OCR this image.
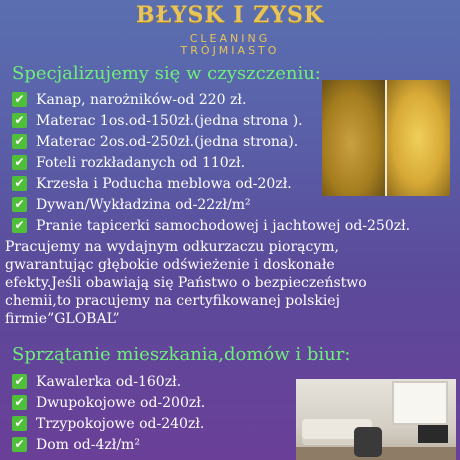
BŁYSK I ZYSK
CLEANING
TRÓJMIASTO
Specjalizujemy się w czyszczeniu:
✔ Kanap, narożników-od 220 zł.
✔ Materac 1os.od-150zł.(jedna strona ).
✔ Materac 2os.od-250zł.(jedna strona).
✔ Foteli rozkładanych od 110zł.
✔ Krzesła i Poducha meblowa od-20zł.
✔ Dywan/Wykładzina od-22zł/m²
✔ Pranie tapicerki samochodowej i jachtowej od-250zł.
Pracujemy na wydajnym odkurzaczu piorącym,
gwarantując głębokie odświeżenie i doskonałe
efekty.Jeśli obawiają się Państwo o bezpieczeństwo
chemii,to pracujemy na certyfikowanej polskiej
firmie”GLOBAL”
Sprzątanie mieszkania,domów i biur:
✔ Kawalerka od-160zł.
✔ Dwupokojowe od-200zł.
✔ Trzypokojowe od-240zł.
✔ Dom od-4zł/m²
